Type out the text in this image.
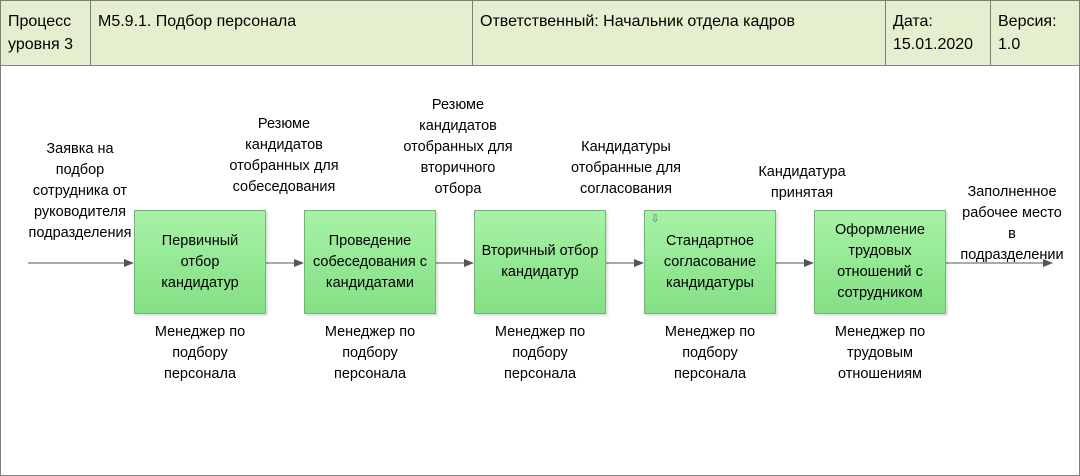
Процесс
уровня 3
М5.9.1. Подбор персонала	Ответственный: Начальник отдела кадров	Дата:
15.01.2020
Версия:
1.0
Заявка на
подбор
сотрудника от
руководителя
подразделения
Заполненное
рабочее место в
подразделении
Первичный
отбор
кандидатур
Проведение
собеседования с
кандидатами
Вторичный отбор
кандидатур
⇩
Стандартное
согласование
кандидатуры
Оформление
трудовых
отношений с
сотрудником
Резюме
кандидатов
отобранных для
собеседования
Резюме
кандидатов
отобранных для
вторичного
отбора
Кандидатуры
отобранные для
согласования
Кандидатура
принятая
Менеджер по
подбору
персонала
Менеджер по
подбору
персонала
Менеджер по
подбору
персонала
Менеджер по
подбору
персонала
Менеджер по
трудовым
отношениям
